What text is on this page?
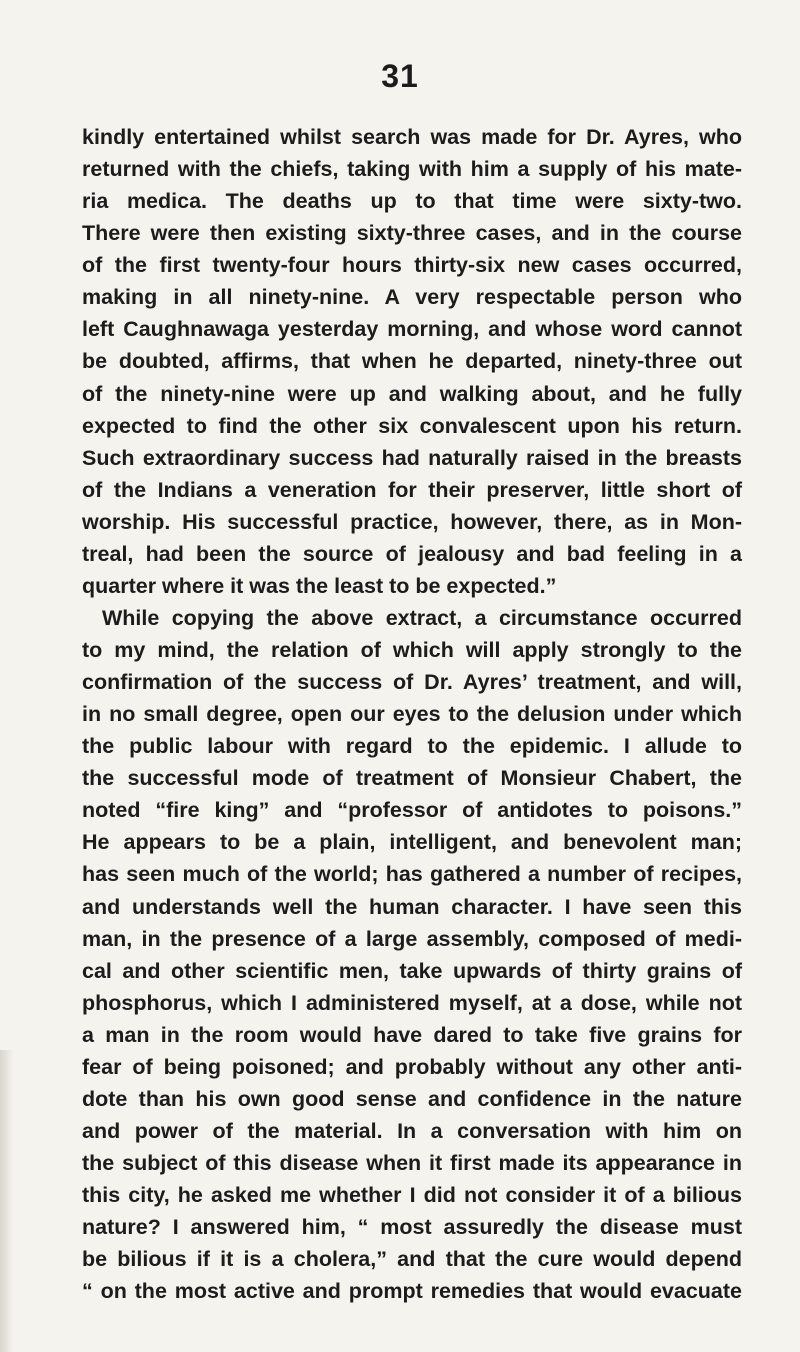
31
kindly entertained whilst search was made for Dr. Ayres, who
returned with the chiefs, taking with him a supply of his mate-
ria medica. The deaths up to that time were sixty-two.
There were then existing sixty-three cases, and in the course
of the first twenty-four hours thirty-six new cases occurred,
making in all ninety-nine. A very respectable person who
left Caughnawaga yesterday morning, and whose word cannot
be doubted, affirms, that when he departed, ninety-three out
of the ninety-nine were up and walking about, and he fully
expected to find the other six convalescent upon his return.
Such extraordinary success had naturally raised in the breasts
of the Indians a veneration for their preserver, little short of
worship. His successful practice, however, there, as in Mon-
treal, had been the source of jealousy and bad feeling in a
quarter where it was the least to be expected.”
While copying the above extract, a circumstance occurred
to my mind, the relation of which will apply strongly to the
confirmation of the success of Dr. Ayres’ treatment, and will,
in no small degree, open our eyes to the delusion under which
the public labour with regard to the epidemic. I allude to
the successful mode of treatment of Monsieur Chabert, the
noted “fire king” and “professor of antidotes to poisons.”
He appears to be a plain, intelligent, and benevolent man;
has seen much of the world; has gathered a number of recipes,
and understands well the human character. I have seen this
man, in the presence of a large assembly, composed of medi-
cal and other scientific men, take upwards of thirty grains of
phosphorus, which I administered myself, at a dose, while not
a man in the room would have dared to take five grains for
fear of being poisoned; and probably without any other anti-
dote than his own good sense and confidence in the nature
and power of the material. In a conversation with him on
the subject of this disease when it first made its appearance in
this city, he asked me whether I did not consider it of a bilious
nature? I answered him, “ most assuredly the disease must
be bilious if it is a cholera,” and that the cure would depend
“ on the most active and prompt remedies that would evacuate
